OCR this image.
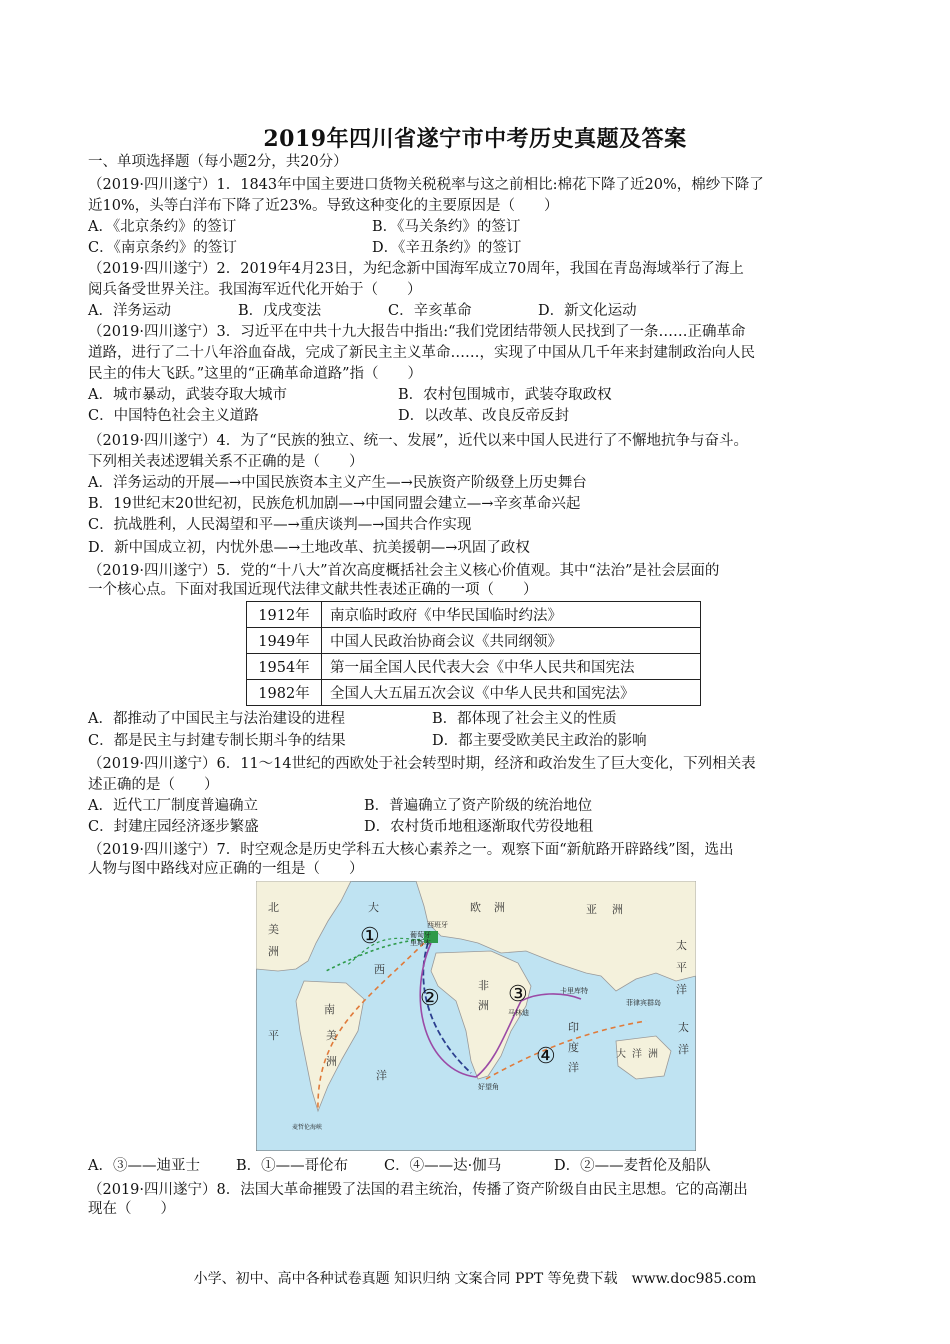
2019年四川省遂宁市中考历史真题及答案
一、单项选择题（每小题2分，共20分）
（2019·四川遂宁）1．1843年中国主要进口货物关税税率与这之前相比:棉花下降了近20%，棉纱下降了
近10%，头等白洋布下降了近23%。导致这种变化的主要原因是（　　）
A．《北京条约》的签订	B．《马关条约》的签订
C．《南京条约》的签订	D．《辛丑条约》的签订
（2019·四川遂宁）2．2019年4月23日，为纪念新中国海军成立70周年，我国在青岛海域举行了海上
阅兵备受世界关注。我国海军近代化开始于（　　）
A．洋务运动	B．戊戌变法	C．辛亥革命	D．新文化运动
（2019·四川遂宁）3．习近平在中共十九大报告中指出:“我们党团结带领人民找到了一条……正确革命
道路，进行了二十八年浴血奋战，完成了新民主主义革命……，实现了中国从几千年来封建制政治向人民
民主的伟大飞跃。”这里的“正确革命道路”指（　　）
A．城市暴动，武装夺取大城市	B．农村包围城市，武装夺取政权
C．中国特色社会主义道路	D．以改革、改良反帝反封
（2019·四川遂宁）4．为了“民族的独立、统一、发展”，近代以来中国人民进行了不懈地抗争与奋斗。
下列相关表述逻辑关系不正确的是（　　）
A．洋务运动的开展—→中国民族资本主义产生—→民族资产阶级登上历史舞台
B．19世纪末20世纪初，民族危机加剧—→中国同盟会建立—→辛亥革命兴起
C．抗战胜利，人民渴望和平—→重庆谈判—→国共合作实现
D．新中国成立初，内忧外患—→土地改革、抗美援朝—→巩固了政权
（2019·四川遂宁）5．党的“十八大”首次高度概括社会主义核心价值观。其中“法治”是社会层面的
一个核心点。下面对我国近现代法律文献共性表述正确的一项（　　）
1912年	南京临时政府《中华民国临时约法》
1949年	中国人民政治协商会议《共同纲领》
1954年	第一届全国人民代表大会《中华人民共和国宪法
1982年	全国人大五届五次会议《中华人民共和国宪法》
A．都推动了中国民主与法治建设的进程	B．都体现了社会主义的性质
C．都是民主与封建专制长期斗争的结果	D．都主要受欧美民主政治的影响
（2019·四川遂宁）6．11～14世纪的西欧处于社会转型时期，经济和政治发生了巨大变化，下列相关表
述正确的是（　　）
A．近代工厂制度普遍确立	B．普遍确立了资产阶级的统治地位
C．封建庄园经济逐步繁盛	D．农村货币地租逐渐取代劳役地租
（2019·四川遂宁）7．时空观念是历史学科五大核心素养之一。观察下面“新航路开辟路线”图，选出
人物与图中路线对应正确的一组是（　　）
北
美
洲
大
西
南
美
洲
平
洋
欧 洲	亚 洲
非
洲
印
度
洋
太
平
洋
大 洋 洲
太
洋
西班牙
葡萄牙
里斯本
马林迪
卡里库特
好望角
菲律宾群岛
麦哲伦海峡
①
②	③
④
A．③——迪亚士 B．①——哥伦布 C．④——达·伽马	D．②——麦哲伦及船队
（2019·四川遂宁）8．法国大革命摧毁了法国的君主统治，传播了资产阶级自由民主思想。它的高潮出
现在（　　）
小学、初中、高中各种试卷真题 知识归纳 文案合同 PPT 等免费下载　www.doc985.com
